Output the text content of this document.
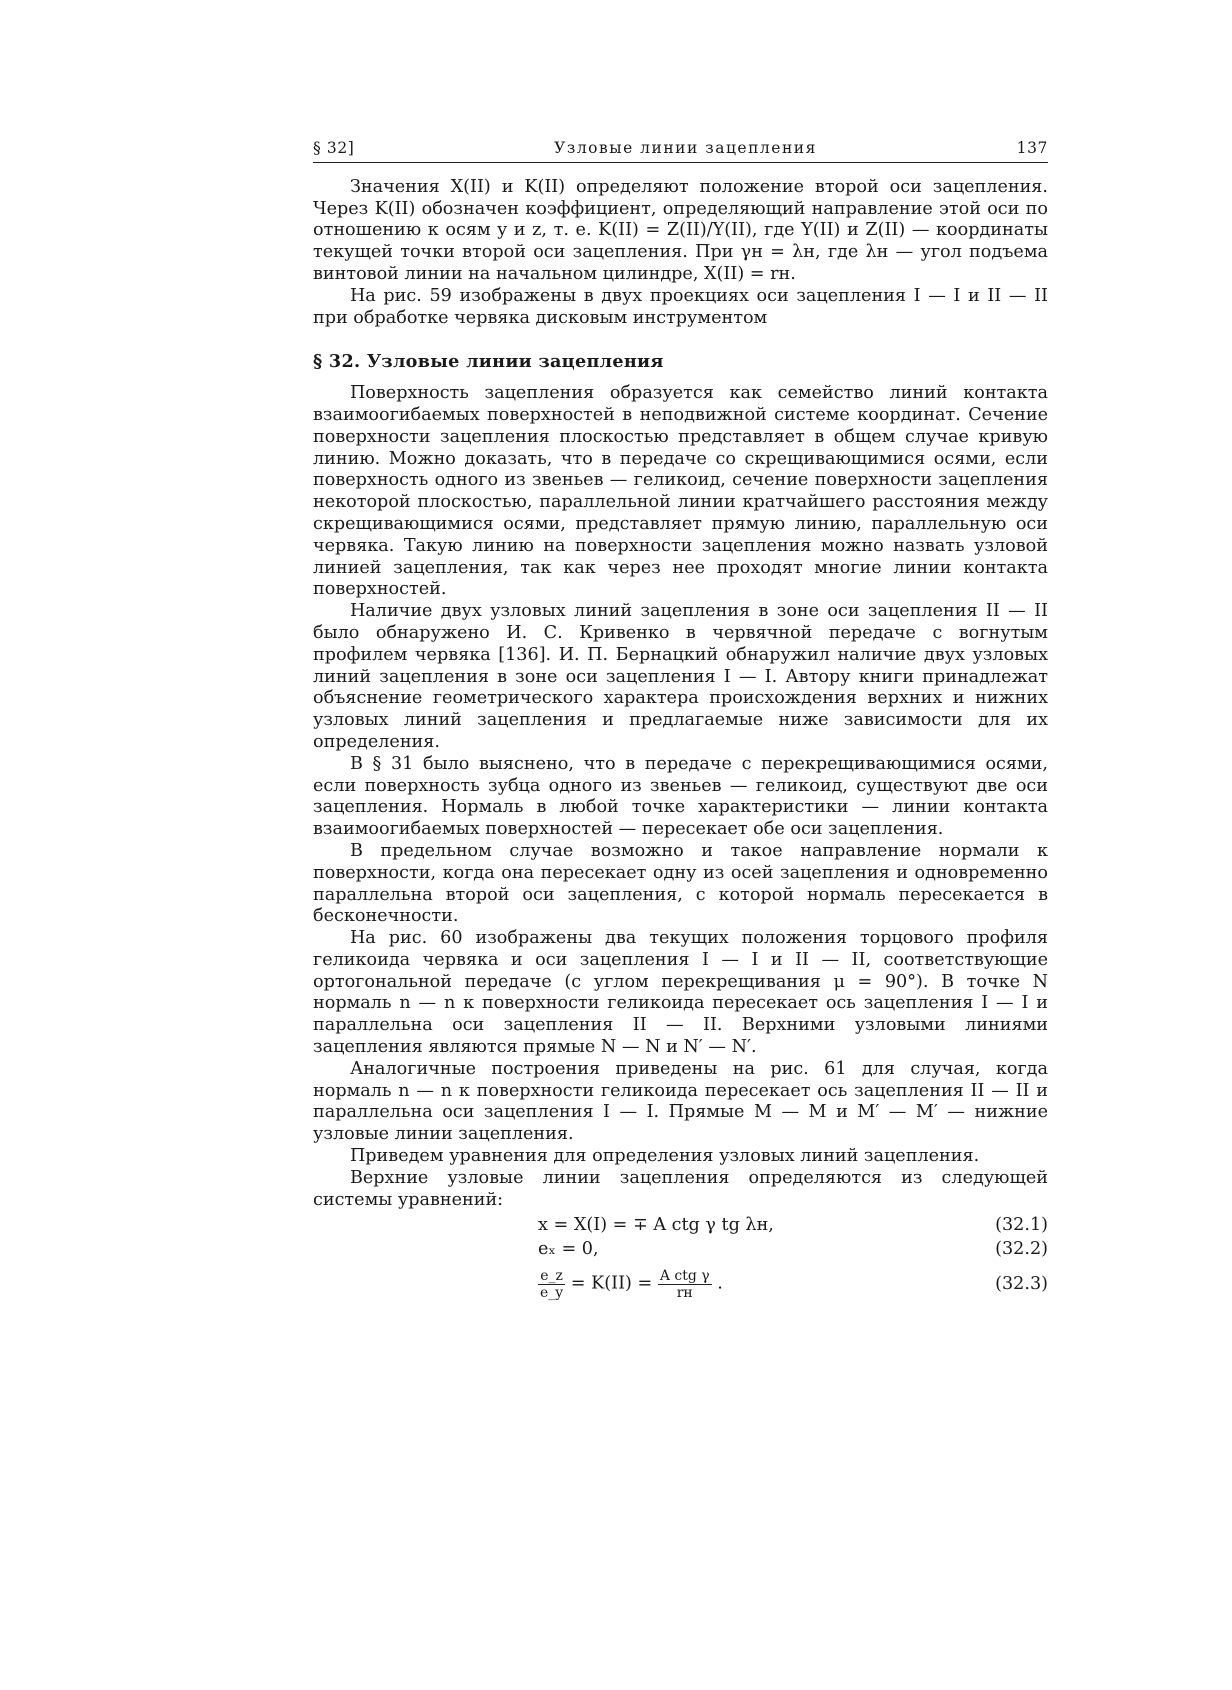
§ 32]	Узловые линии зацепления	137

Значения X(II) и K(II) определяют положение второй оси зацепления. Через K(II) обозначен коэффициент, определяющий направление этой оси по отношению к осям y и z, т. е. K(II) = Z(II)/Y(II), где Y(II) и Z(II) — координаты текущей точки второй оси зацепления. При γн = λн, где λн — угол подъема винтовой линии на начальном цилиндре, X(II) = rн.

На рис. 59 изображены в двух проекциях оси зацепления I — I и II — II при обработке червяка дисковым инструментом

§ 32. Узловые линии зацепления

Поверхность зацепления образуется как семейство линий контакта взаимоогибаемых поверхностей в неподвижной системе координат. Сечение поверхности зацепления плоскостью представляет в общем случае кривую линию. Можно доказать, что в передаче со скрещивающимися осями, если поверхность одного из звеньев — геликоид, сечение поверхности зацепления некоторой плоскостью, параллельной линии кратчайшего расстояния между скрещивающимися осями, представляет прямую линию, параллельную оси червяка. Такую линию на поверхности зацепления можно назвать узловой линией зацепления, так как через нее проходят многие линии контакта поверхностей.

Наличие двух узловых линий зацепления в зоне оси зацепления II — II было обнаружено И. С. Кривенко в червячной передаче с вогнутым профилем червяка [136]. И. П. Бернацкий обнаружил наличие двух узловых линий зацепления в зоне оси зацепления I — I. Автору книги принадлежат объяснение геометрического характера происхождения верхних и нижних узловых линий зацепления и предлагаемые ниже зависимости для их определения.

В § 31 было выяснено, что в передаче с перекрещивающимися осями, если поверхность зубца одного из звеньев — геликоид, существуют две оси зацепления. Нормаль в любой точке характеристики — линии контакта взаимоогибаемых поверхностей — пересекает обе оси зацепления.

В предельном случае возможно и такое направление нормали к поверхности, когда она пересекает одну из осей зацепления и одновременно параллельна второй оси зацепления, с которой нормаль пересекается в бесконечности.

На рис. 60 изображены два текущих положения торцового профиля геликоида червяка и оси зацепления I — I и II — II, соответствующие ортогональной передаче (с углом перекрещивания μ = 90°). В точке N нормаль n — n к поверхности геликоида пересекает ось зацепления I — I и параллельна оси зацепления II — II. Верхними узловыми линиями зацепления являются прямые N — N и N′ — N′.

Аналогичные построения приведены на рис. 61 для случая, когда нормаль n — n к поверхности геликоида пересекает ось зацепления II — II и параллельна оси зацепления I — I. Прямые M — M и M′ — M′ — нижние узловые линии зацепления.

Приведем уравнения для определения узловых линий зацепления.

Верхние узловые линии зацепления определяются из следующей системы уравнений:

x = X(I) = ∓ A ctg γ tg λн,	(32.1)
eₓ = 0,	(32.2)
$\frac{e\_z}{e\_y} = K(II) = \frac{\text{A ctg γ}}{rн}$ .	(32.3)
